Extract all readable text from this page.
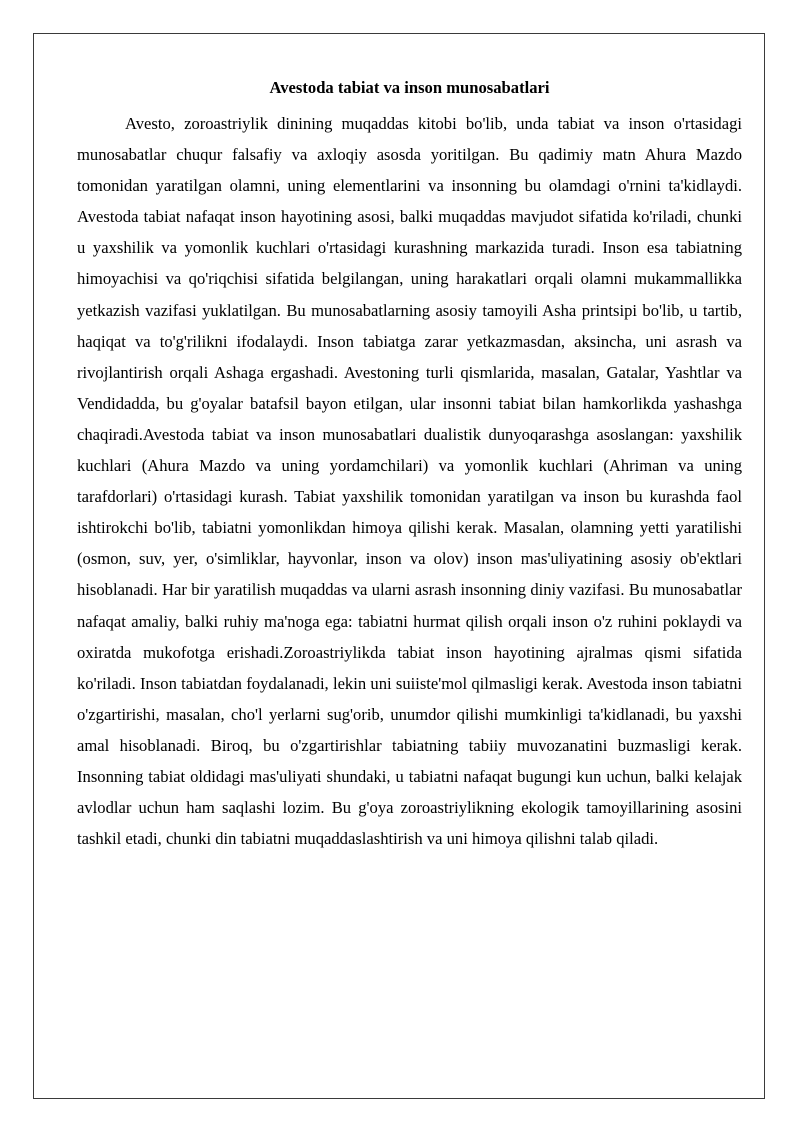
Avestoda tabiat va inson munosabatlari

Avesto, zoroastriylik dinining muqaddas kitobi bo'lib, unda tabiat va inson o'rtasidagi munosabatlar chuqur falsafiy va axloqiy asosda yoritilgan. Bu qadimiy matn Ahura Mazdo tomonidan yaratilgan olamni, uning elementlarini va insonning bu olamdagi o'rnini ta'kidlaydi. Avestoda tabiat nafaqat inson hayotining asosi, balki muqaddas mavjudot sifatida ko'riladi, chunki u yaxshilik va yomonlik kuchlari o'rtasidagi kurashning markazida turadi. Inson esa tabiatning himoyachisi va qo'riqchisi sifatida belgilangan, uning harakatlari orqali olamni mukammallikka yetkazish vazifasi yuklatilgan. Bu munosabatlarning asosiy tamoyili Asha printsipi bo'lib, u tartib, haqiqat va to'g'rilikni ifodalaydi. Inson tabiatga zarar yetkazmasdan, aksincha, uni asrash va rivojlantirish orqali Ashaga ergashadi. Avestoning turli qismlarida, masalan, Gatalar, Yashtlar va Vendidadda, bu g'oyalar batafsil bayon etilgan, ular insonni tabiat bilan hamkorlikda yashashga chaqiradi.Avestoda tabiat va inson munosabatlari dualistik dunyoqarashga asoslangan: yaxshilik kuchlari (Ahura Mazdo va uning yordamchilari) va yomonlik kuchlari (Ahriman va uning tarafdorlari) o'rtasidagi kurash. Tabiat yaxshilik tomonidan yaratilgan va inson bu kurashda faol ishtirokchi bo'lib, tabiatni yomonlikdan himoya qilishi kerak. Masalan, olamning yetti yaratilishi (osmon, suv, yer, o'simliklar, hayvonlar, inson va olov) inson mas'uliyatining asosiy ob'ektlari hisoblanadi. Har bir yaratilish muqaddas va ularni asrash insonning diniy vazifasi. Bu munosabatlar nafaqat amaliy, balki ruhiy ma'noga ega: tabiatni hurmat qilish orqali inson o'z ruhini poklaydi va oxiratda mukofotga erishadi.Zoroastriylikda tabiat inson hayotining ajralmas qismi sifatida ko'riladi. Inson tabiatdan foydalanadi, lekin uni suiiste'mol qilmasligi kerak. Avestoda inson tabiatni o'zgartirishi, masalan, cho'l yerlarni sug'orib, unumdor qilishi mumkinligi ta'kidlanadi, bu yaxshi amal hisoblanadi. Biroq, bu o'zgartirishlar tabiatning tabiiy muvozanatini buzmasligi kerak. Insonning tabiat oldidagi mas'uliyati shundaki, u tabiatni nafaqat bugungi kun uchun, balki kelajak avlodlar uchun ham saqlashi lozim. Bu g'oya zoroastriylikning ekologik tamoyillarining asosini tashkil etadi, chunki din tabiatni muqaddaslashtirish va uni himoya qilishni talab qiladi.
